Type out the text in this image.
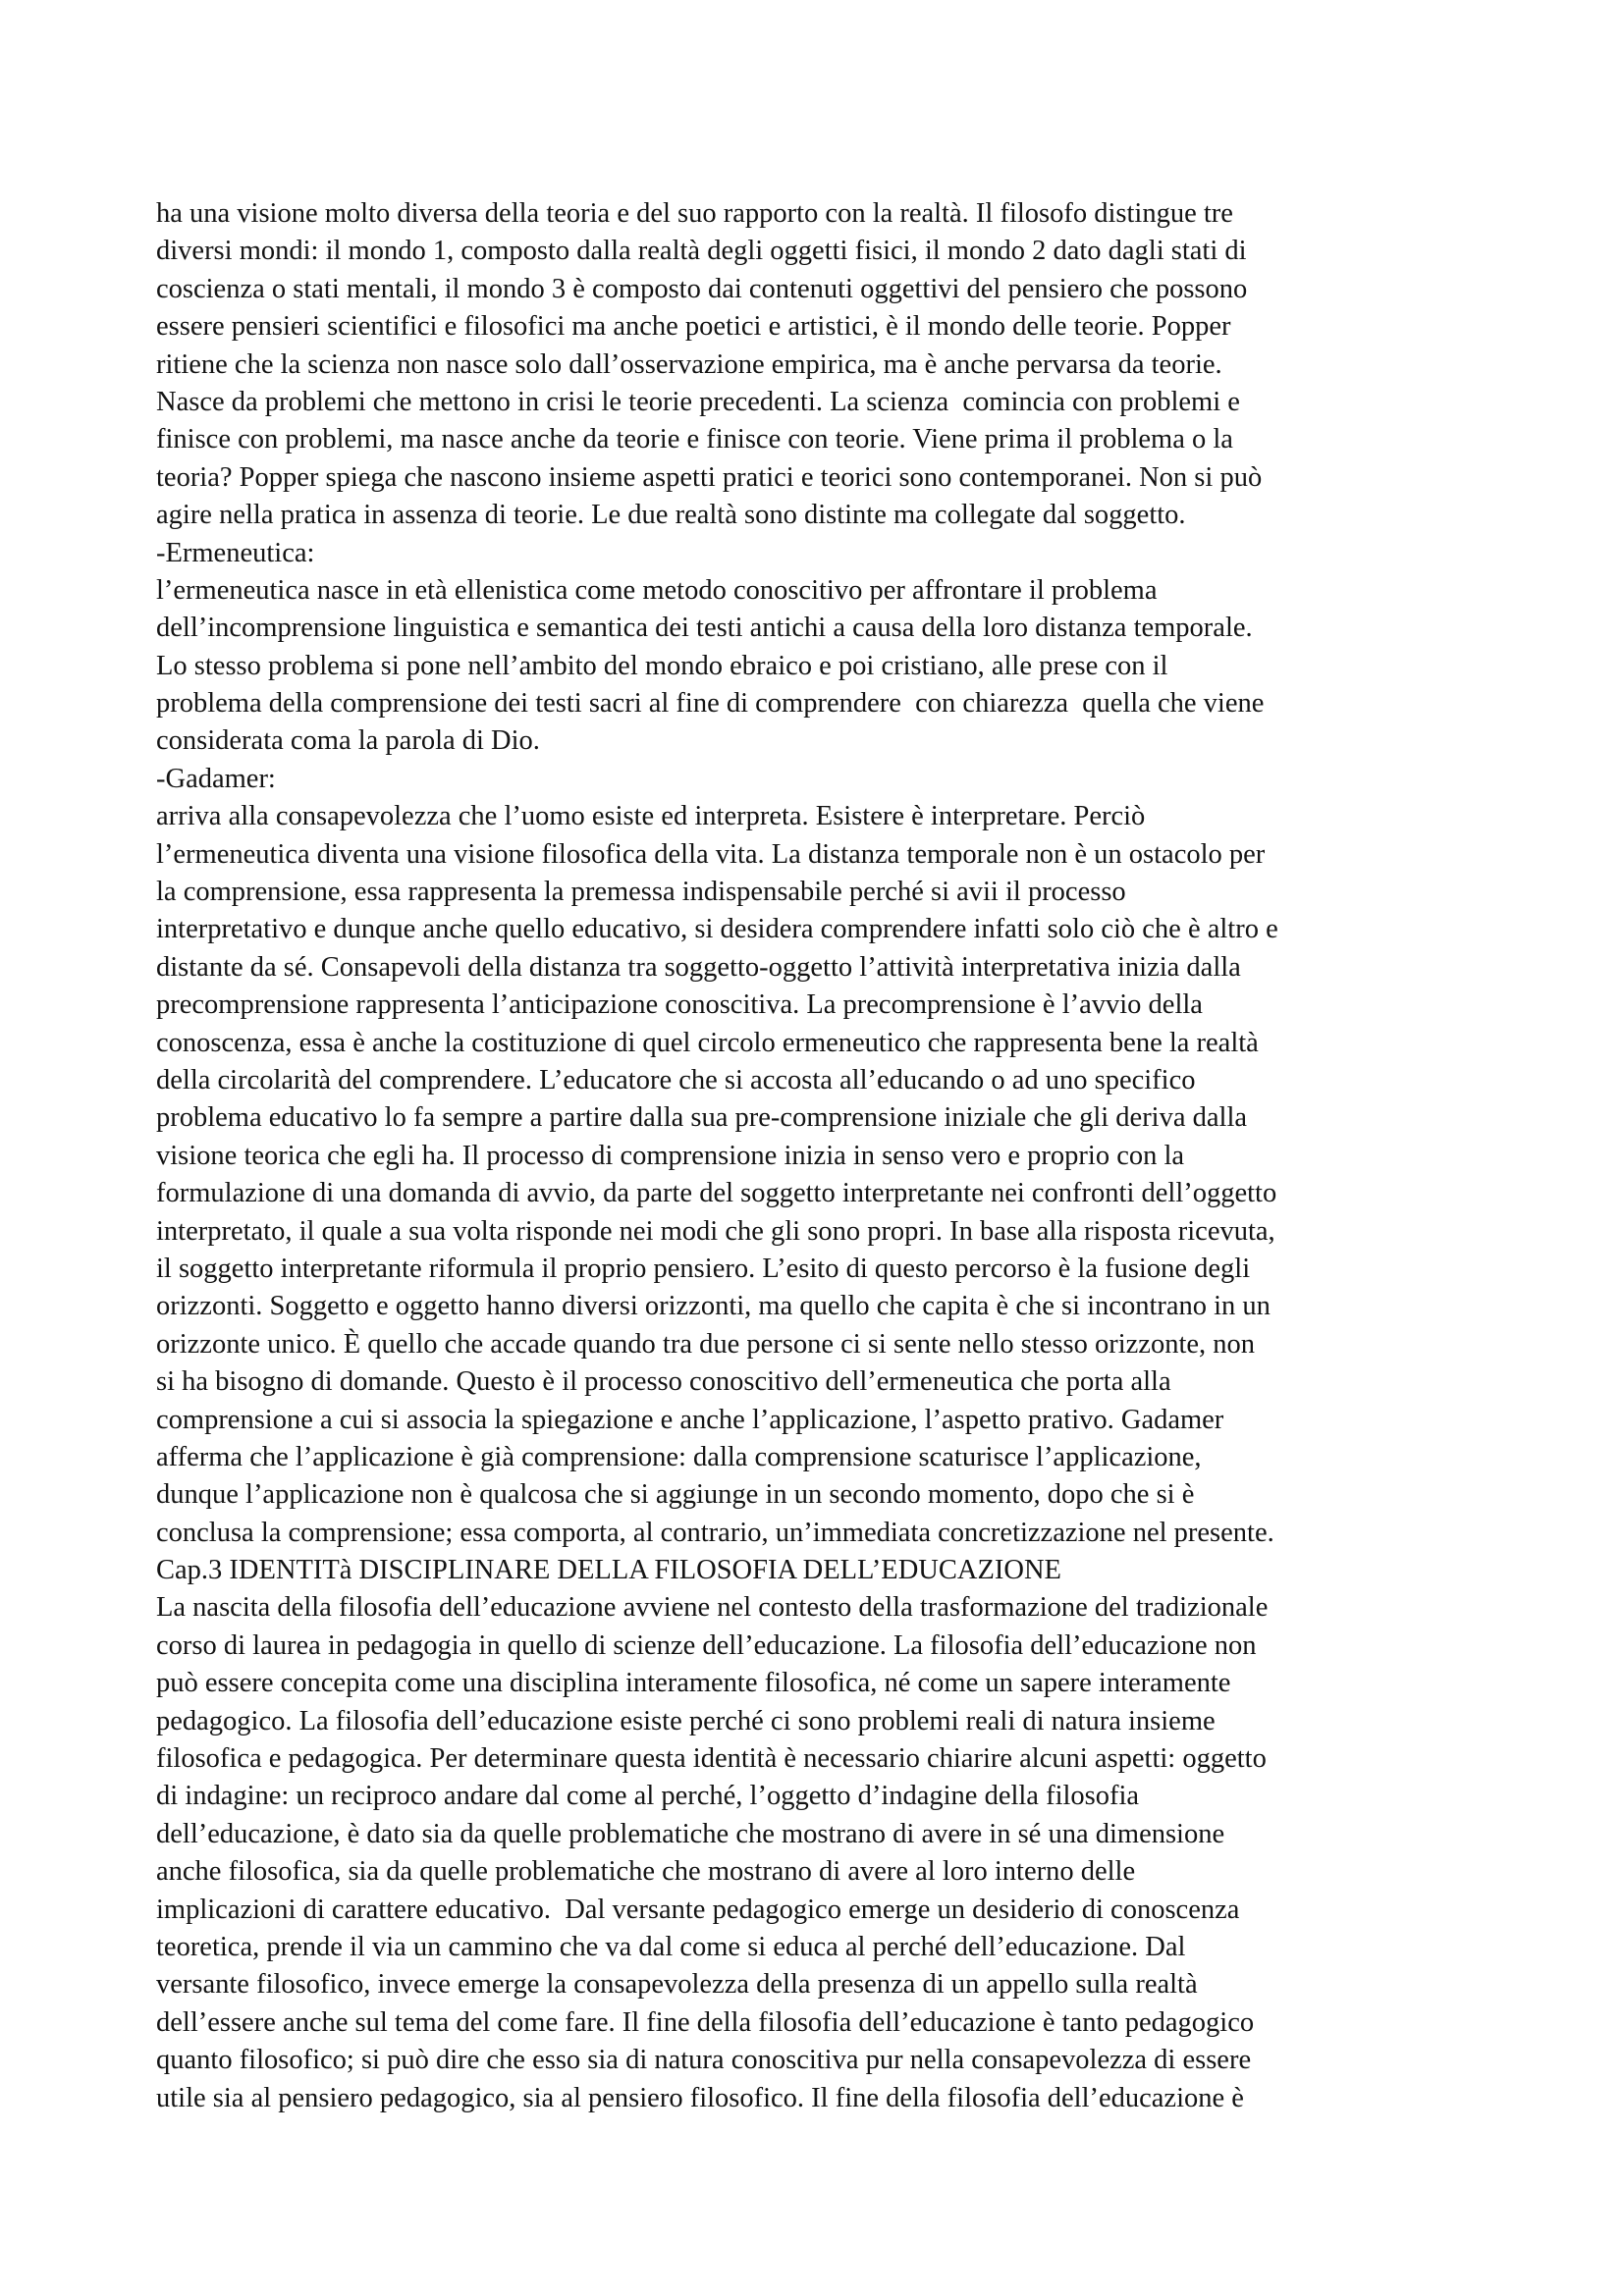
ha una visione molto diversa della teoria e del suo rapporto con la realtà. Il filosofo distingue tre

diversi mondi: il mondo 1, composto dalla realtà degli oggetti fisici, il mondo 2 dato dagli stati di

coscienza o stati mentali, il mondo 3 è composto dai contenuti oggettivi del pensiero che possono

essere pensieri scientifici e filosofici ma anche poetici e artistici, è il mondo delle teorie. Popper

ritiene che la scienza non nasce solo dall’osservazione empirica, ma è anche pervarsa da teorie.

Nasce da problemi che mettono in crisi le teorie precedenti. La scienza  comincia con problemi e

finisce con problemi, ma nasce anche da teorie e finisce con teorie. Viene prima il problema o la

teoria? Popper spiega che nascono insieme aspetti pratici e teorici sono contemporanei. Non si può

agire nella pratica in assenza di teorie. Le due realtà sono distinte ma collegate dal soggetto.

-Ermeneutica:

l’ermeneutica nasce in età ellenistica come metodo conoscitivo per affrontare il problema

dell’incomprensione linguistica e semantica dei testi antichi a causa della loro distanza temporale.

Lo stesso problema si pone nell’ambito del mondo ebraico e poi cristiano, alle prese con il

problema della comprensione dei testi sacri al fine di comprendere  con chiarezza  quella che viene

considerata coma la parola di Dio.

-Gadamer:

arriva alla consapevolezza che l’uomo esiste ed interpreta. Esistere è interpretare. Perciò

l’ermeneutica diventa una visione filosofica della vita. La distanza temporale non è un ostacolo per

la comprensione, essa rappresenta la premessa indispensabile perché si avii il processo

interpretativo e dunque anche quello educativo, si desidera comprendere infatti solo ciò che è altro e

distante da sé. Consapevoli della distanza tra soggetto-oggetto l’attività interpretativa inizia dalla

precomprensione rappresenta l’anticipazione conoscitiva. La precomprensione è l’avvio della

conoscenza, essa è anche la costituzione di quel circolo ermeneutico che rappresenta bene la realtà

della circolarità del comprendere. L’educatore che si accosta all’educando o ad uno specifico

problema educativo lo fa sempre a partire dalla sua pre-comprensione iniziale che gli deriva dalla

visione teorica che egli ha. Il processo di comprensione inizia in senso vero e proprio con la

formulazione di una domanda di avvio, da parte del soggetto interpretante nei confronti dell’oggetto

interpretato, il quale a sua volta risponde nei modi che gli sono propri. In base alla risposta ricevuta,

il soggetto interpretante riformula il proprio pensiero. L’esito di questo percorso è la fusione degli

orizzonti. Soggetto e oggetto hanno diversi orizzonti, ma quello che capita è che si incontrano in un

orizzonte unico. È quello che accade quando tra due persone ci si sente nello stesso orizzonte, non

si ha bisogno di domande. Questo è il processo conoscitivo dell’ermeneutica che porta alla

comprensione a cui si associa la spiegazione e anche l’applicazione, l’aspetto prativo. Gadamer

afferma che l’applicazione è già comprensione: dalla comprensione scaturisce l’applicazione,

dunque l’applicazione non è qualcosa che si aggiunge in un secondo momento, dopo che si è

conclusa la comprensione; essa comporta, al contrario, un’immediata concretizzazione nel presente.

Cap.3 IDENTITà DISCIPLINARE DELLA FILOSOFIA DELL’EDUCAZIONE

La nascita della filosofia dell’educazione avviene nel contesto della trasformazione del tradizionale

corso di laurea in pedagogia in quello di scienze dell’educazione. La filosofia dell’educazione non

può essere concepita come una disciplina interamente filosofica, né come un sapere interamente

pedagogico. La filosofia dell’educazione esiste perché ci sono problemi reali di natura insieme

filosofica e pedagogica. Per determinare questa identità è necessario chiarire alcuni aspetti: oggetto

di indagine: un reciproco andare dal come al perché, l’oggetto d’indagine della filosofia

dell’educazione, è dato sia da quelle problematiche che mostrano di avere in sé una dimensione

anche filosofica, sia da quelle problematiche che mostrano di avere al loro interno delle

implicazioni di carattere educativo.  Dal versante pedagogico emerge un desiderio di conoscenza

teoretica, prende il via un cammino che va dal come si educa al perché dell’educazione. Dal

versante filosofico, invece emerge la consapevolezza della presenza di un appello sulla realtà

dell’essere anche sul tema del come fare. Il fine della filosofia dell’educazione è tanto pedagogico

quanto filosofico; si può dire che esso sia di natura conoscitiva pur nella consapevolezza di essere

utile sia al pensiero pedagogico, sia al pensiero filosofico. Il fine della filosofia dell’educazione è
